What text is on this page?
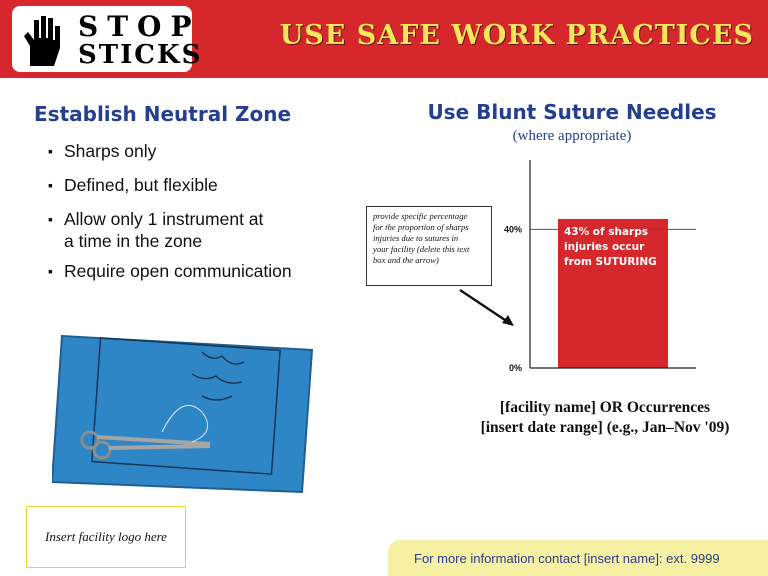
STOP
STICKS
USE SAFE WORK PRACTICES
Establish Neutral Zone
▪ Sharps only
▪ Defined, but flexible
▪ Allow only 1 instrument at
a time in the zone
▪ Require open communication
Insert facility logo here
Use Blunt Suture Needles
(where appropriate)
provide specific percentage
for the proportion of sharps
injuries due to sutures in
your facility (delete this text
box and the arrow)
0%
40%	43% of sharps
injuries occur
from SUTURING
[facility name] OR Occurrences
[insert date range] (e.g., Jan–Nov '09)
For more information contact [insert name]: ext. 9999
